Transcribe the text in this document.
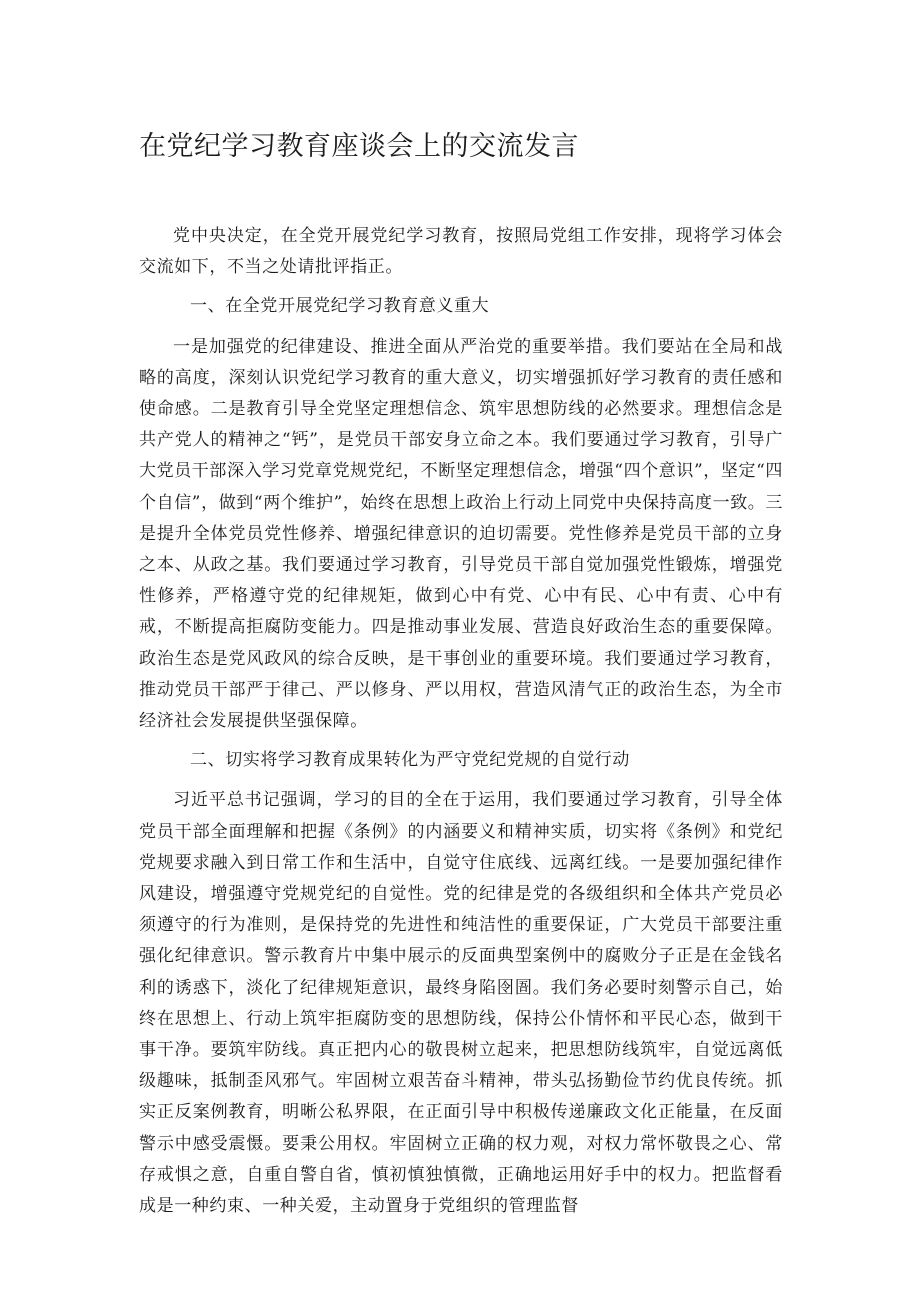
在党纪学习教育座谈会上的交流发言

党中央决定，在全党开展党纪学习教育，按照局党组工作安排，现将学习体会交流如下，不当之处请批评指正。

一、在全党开展党纪学习教育意义重大

一是加强党的纪律建设、推进全面从严治党的重要举措。我们要站在全局和战略的高度，深刻认识党纪学习教育的重大意义，切实增强抓好学习教育的责任感和使命感。二是教育引导全党坚定理想信念、筑牢思想防线的必然要求。理想信念是共产党人的精神之“钙”，是党员干部安身立命之本。我们要通过学习教育，引导广大党员干部深入学习党章党规党纪，不断坚定理想信念，增强“四个意识”，坚定“四个自信”，做到“两个维护”，始终在思想上政治上行动上同党中央保持高度一致。三是提升全体党员党性修养、增强纪律意识的迫切需要。党性修养是党员干部的立身之本、从政之基。我们要通过学习教育，引导党员干部自觉加强党性锻炼，增强党性修养，严格遵守党的纪律规矩，做到心中有党、心中有民、心中有责、心中有戒，不断提高拒腐防变能力。四是推动事业发展、营造良好政治生态的重要保障。政治生态是党风政风的综合反映，是干事创业的重要环境。我们要通过学习教育，推动党员干部严于律己、严以修身、严以用权，营造风清气正的政治生态，为全市经济社会发展提供坚强保障。

二、切实将学习教育成果转化为严守党纪党规的自觉行动

习近平总书记强调，学习的目的全在于运用，我们要通过学习教育，引导全体党员干部全面理解和把握《条例》的内涵要义和精神实质，切实将《条例》和党纪党规要求融入到日常工作和生活中，自觉守住底线、远离红线。一是要加强纪律作风建设，增强遵守党规党纪的自觉性。党的纪律是党的各级组织和全体共产党员必须遵守的行为准则，是保持党的先进性和纯洁性的重要保证，广大党员干部要注重强化纪律意识。警示教育片中集中展示的反面典型案例中的腐败分子正是在金钱名利的诱惑下，淡化了纪律规矩意识，最终身陷囹圄。我们务必要时刻警示自己，始终在思想上、行动上筑牢拒腐防变的思想防线，保持公仆情怀和平民心态，做到干事干净。要筑牢防线。真正把内心的敬畏树立起来，把思想防线筑牢，自觉远离低级趣味，抵制歪风邪气。牢固树立艰苦奋斗精神，带头弘扬勤俭节约优良传统。抓实正反案例教育，明晰公私界限，在正面引导中积极传递廉政文化正能量，在反面警示中感受震慑。要秉公用权。牢固树立正确的权力观，对权力常怀敬畏之心、常存戒惧之意，自重自警自省，慎初慎独慎微，正确地运用好手中的权力。把监督看成是一种约束、一种关爱，主动置身于党组织的管理监督
